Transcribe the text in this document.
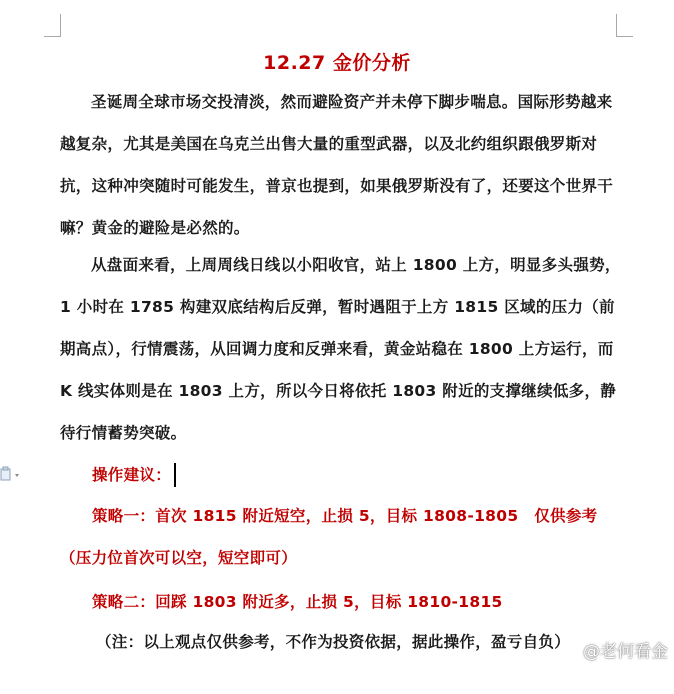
12.27 金价分析

圣诞周全球市场交投清淡，然而避险资产并未停下脚步喘息。国际形势越来越复杂，尤其是美国在乌克兰出售大量的重型武器，以及北约组织跟俄罗斯对抗，这种冲突随时可能发生，普京也提到，如果俄罗斯没有了，还要这个世界干嘛？黄金的避险是必然的。

从盘面来看，上周周线日线以小阳收官，站上 1800 上方，明显多头强势，1 小时在 1785 构建双底结构后反弹，暂时遇阻于上方 1815 区域的压力（前期高点），行情震荡，从回调力度和反弹来看，黄金站稳在 1800 上方运行，而 K 线实体则是在 1803 上方，所以今日将依托 1803 附近的支撑继续低多，静待行情蓄势突破。

操作建议：

策略一：首次 1815 附近短空，止损 5，目标 1808-1805　仅供参考（压力位首次可以空，短空即可）

策略二：回踩 1803 附近多，止损 5，目标 1810-1815
（注：以上观点仅供参考，不作为投资依据，据此操作，盈亏自负） @老何看金
